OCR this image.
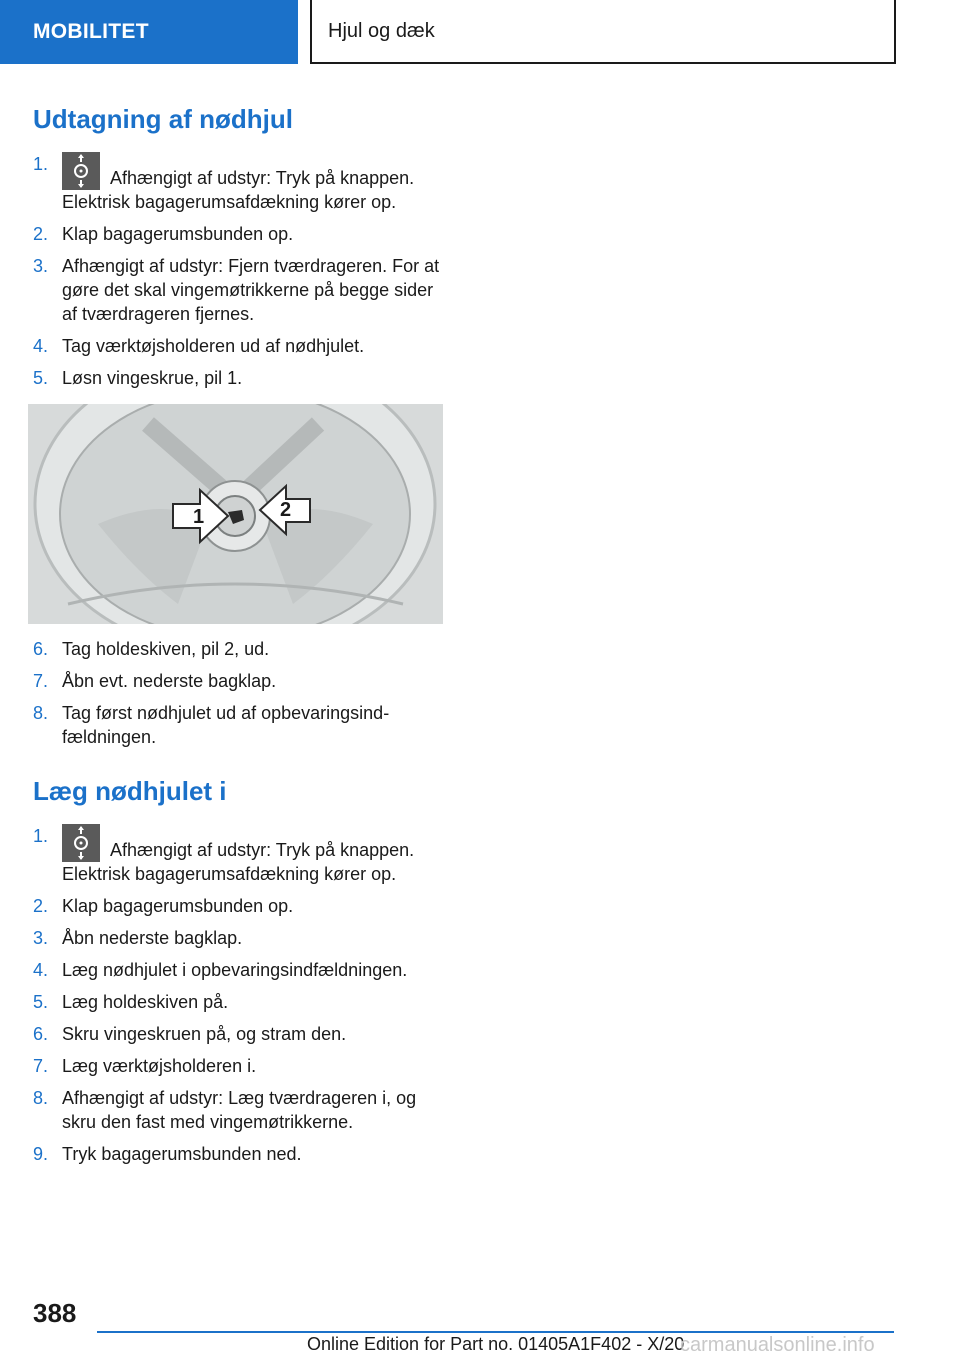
MOBILITET	Hjul og dæk
Udtagning af nødhjul
1.
Afhængigt af udstyr: Tryk på knappen. Elektrisk bagagerumsafdækning kører op.
2. Klap bagagerumsbunden op.
3. Afhængigt af udstyr: Fjern tværdrageren. For at gøre det skal vingemøtrikkerne på begge sider af tværdrageren fjernes.
4. Tag værktøjsholderen ud af nødhjulet.
5. Løsn vingeskrue, pil 1.
1	2
6. Tag holdeskiven, pil 2, ud.
7. Åbn evt. nederste bagklap.
8. Tag først nødhjulet ud af opbevaringsindfældningen.
Læg nødhjulet i
1.
Afhængigt af udstyr: Tryk på knappen. Elektrisk bagagerumsafdækning kører op.
2. Klap bagagerumsbunden op.
3. Åbn nederste bagklap.
4. Læg nødhjulet i opbevaringsindfældningen.
5. Læg holdeskiven på.
6. Skru vingeskruen på, og stram den.
7. Læg værktøjsholderen i.
8. Afhængigt af udstyr: Læg tværdrageren i, og skru den fast med vingemøtrikkerne.
9. Tryk bagagerumsbunden ned.
388
Online Edition for Part no. 01405A1F402 - X/20
carmanualsonline.info
